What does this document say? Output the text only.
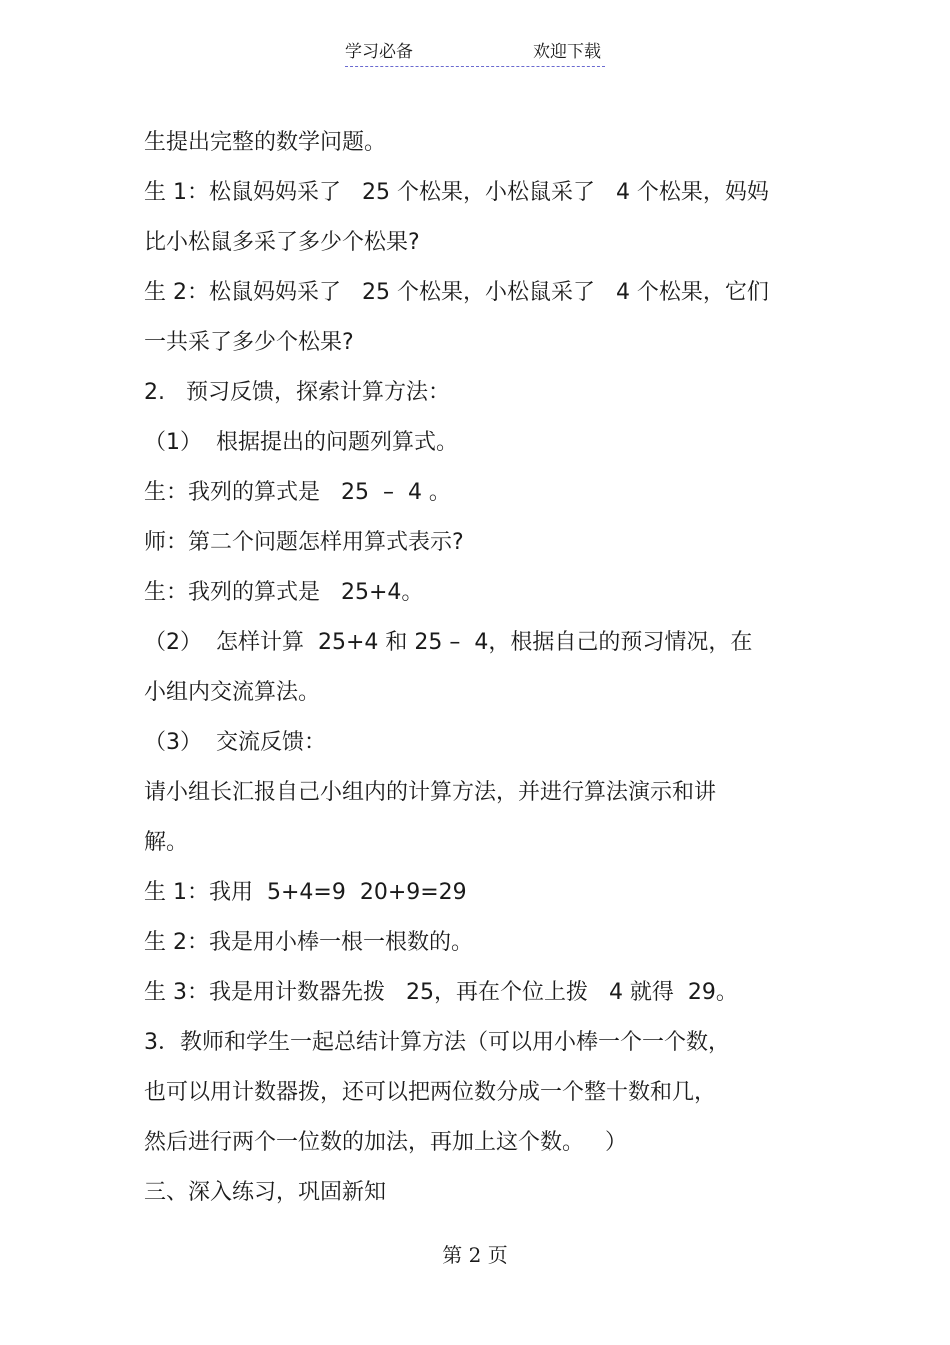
学习必备	欢迎下载
生提出完整的数学问题。
生 1：松鼠妈妈采了   25 个松果，小松鼠采了   4 个松果，妈妈
比小松鼠多采了多少个松果?
生 2：松鼠妈妈采了   25 个松果，小松鼠采了   4 个松果，它们
一共采了多少个松果?
2.   预习反馈，探索计算方法：
（1）  根据提出的问题列算式。
生：我列的算式是   25  –  4 。
师：第二个问题怎样用算式表示?
生：我列的算式是   25+4。
（2）  怎样计算  25+4 和 25 –  4，根据自己的预习情况，在
小组内交流算法。
（3）  交流反馈：
请小组长汇报自己小组内的计算方法，并进行算法演示和讲
解。
生 1：我用  5+4=9  20+9=29
生 2：我是用小棒一根一根数的。
生 3：我是用计数器先拨   25，再在个位上拨   4 就得  29。
3．教师和学生一起总结计算方法（可以用小棒一个一个数，
也可以用计数器拨，还可以把两位数分成一个整十数和几，
然后进行两个一位数的加法，再加上这个数。   ）
三、深入练习，巩固新知
第 2 页
